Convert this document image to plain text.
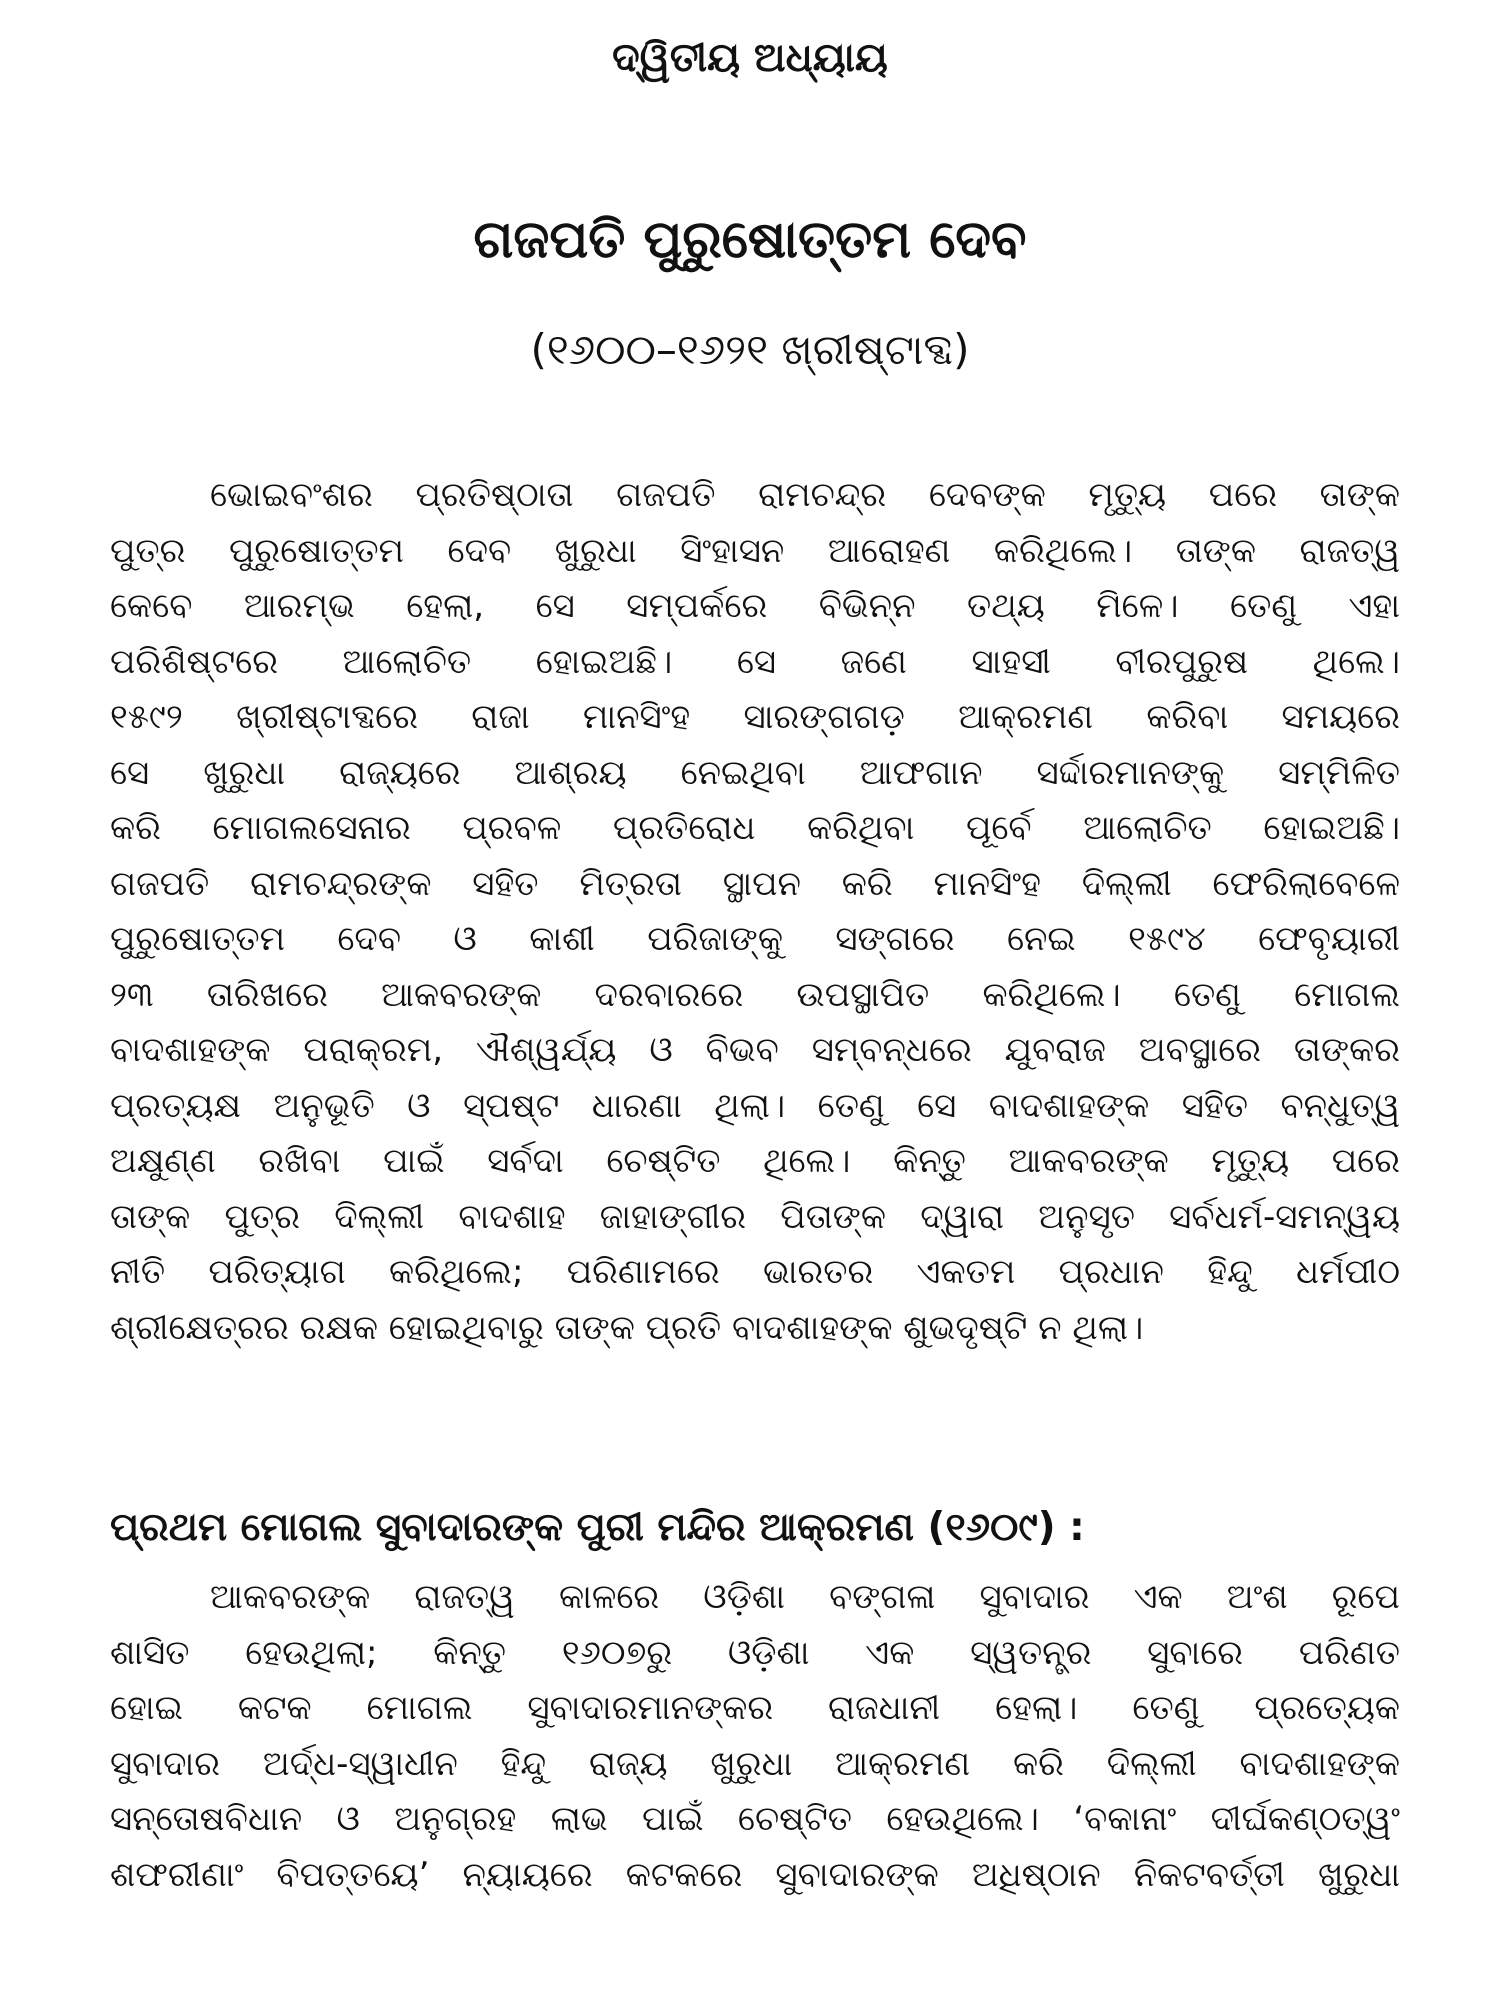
ଦ୍ୱିତୀୟ ଅଧ୍ୟାୟ
ଗଜପତି ପୁରୁଷୋତ୍ତମ ଦେବ
(୧୬୦୦–୧୬୨୧ ଖ୍ରୀଷ୍ଟାବ୍ଦ)
ଭୋଇବଂଶର ପ୍ରତିଷ୍ଠାତା ଗଜପତି ରାମଚନ୍ଦ୍ର ଦେବଙ୍କ ମୃତ୍ୟୁ ପରେ ତାଙ୍କ
ପୁତ୍ର ପୁରୁଷୋତ୍ତମ ଦେବ ଖୁରୁଧା ସିଂହାସନ ଆରୋହଣ କରିଥିଲେ। ତାଙ୍କ ରାଜତ୍ୱ
କେବେ ଆରମ୍ଭ ହେଲା, ସେ ସମ୍ପର୍କରେ ବିଭିନ୍ନ ତଥ୍ୟ ମିଳେ। ତେଣୁ ଏହା
ପରିଶିଷ୍ଟରେ ଆଲୋଚିତ ହୋଇଅଛି। ସେ ଜଣେ ସାହସୀ ବୀରପୁରୁଷ ଥିଲେ।
୧୫୯୨ ଖ୍ରୀଷ୍ଟାବ୍ଦରେ ରାଜା ମାନସିଂହ ସାରଙ୍ଗଗଡ଼ ଆକ୍ରମଣ କରିବା ସମୟରେ
ସେ ଖୁରୁଧା ରାଜ୍ୟରେ ଆଶ୍ରୟ ନେଇଥିବା ଆଫଗାନ ସର୍ଦ୍ଦାରମାନଙ୍କୁ ସମ୍ମିଳିତ
କରି ମୋଗଲସେନାର ପ୍ରବଳ ପ୍ରତିରୋଧ କରିଥିବା ପୂର୍ବେ ଆଲୋଚିତ ହୋଇଅଛି।
ଗଜପତି ରାମଚନ୍ଦ୍ରଙ୍କ ସହିତ ମିତ୍ରତା ସ୍ଥାପନ କରି ମାନସିଂହ ଦିଲ୍ଲୀ ଫେରିଲାବେଳେ
ପୁରୁଷୋତ୍ତମ ଦେବ ଓ କାଶୀ ପରିଜାଙ୍କୁ ସଙ୍ଗରେ ନେଇ ୧୫୯୪ ଫେବୃୟାରୀ
୨୩ ତାରିଖରେ ଆକବରଙ୍କ ଦରବାରରେ ଉପସ୍ଥାପିତ କରିଥିଲେ। ତେଣୁ ମୋଗଲ
ବାଦଶାହଙ୍କ ପରାକ୍ରମ, ଐଶ୍ୱର୍ଯ୍ୟ ଓ ବିଭବ ସମ୍ବନ୍ଧରେ ଯୁବରାଜ ଅବସ୍ଥାରେ ତାଙ୍କର
ପ୍ରତ୍ୟକ୍ଷ ଅନୁଭୂତି ଓ ସ୍ପଷ୍ଟ ଧାରଣା ଥିଲା। ତେଣୁ ସେ ବାଦଶାହଙ୍କ ସହିତ ବନ୍ଧୁତ୍ୱ
ଅକ୍ଷୁଣ୍ଣ ରଖିବା ପାଇଁ ସର୍ବଦା ଚେଷ୍ଟିତ ଥିଲେ। କିନ୍ତୁ ଆକବରଙ୍କ ମୃତ୍ୟୁ ପରେ
ତାଙ୍କ ପୁତ୍ର ଦିଲ୍ଲୀ ବାଦଶାହ ଜାହାଙ୍ଗୀର ପିତାଙ୍କ ଦ୍ୱାରା ଅନୁସୃତ ସର୍ବଧର୍ମ-ସମନ୍ୱୟ
ନୀତି ପରିତ୍ୟାଗ କରିଥିଲେ; ପରିଣାମରେ ଭାରତର ଏକତମ ପ୍ରଧାନ ହିନ୍ଦୁ ଧର୍ମପୀଠ
ଶ୍ରୀକ୍ଷେତ୍ରର ରକ୍ଷକ ହୋଇଥିବାରୁ ତାଙ୍କ ପ୍ରତି ବାଦଶାହଙ୍କ ଶୁଭଦୃଷ୍ଟି ନ ଥିଲା।
ପ୍ରଥମ ମୋଗଲ ସୁବାଦାରଙ୍କ ପୁରୀ ମନ୍ଦିର ଆକ୍ରମଣ (୧୬୦୯) :
ଆକବରଙ୍କ ରାଜତ୍ୱ କାଳରେ ଓଡ଼ିଶା ବଙ୍ଗଳା ସୁବାଦାର ଏକ ଅଂଶ ରୂପେ
ଶାସିତ ହେଉଥିଲା; କିନ୍ତୁ ୧୬୦୭ରୁ ଓଡ଼ିଶା ଏକ ସ୍ୱତନ୍ତ୍ର ସୁବାରେ ପରିଣତ
ହୋଇ କଟକ ମୋଗଲ ସୁବାଦାରମାନଙ୍କର ରାଜଧାନୀ ହେଲା। ତେଣୁ ପ୍ରତ୍ୟେକ
ସୁବାଦାର ଅର୍ଦ୍ଧ-ସ୍ୱାଧୀନ ହିନ୍ଦୁ ରାଜ୍ୟ ଖୁରୁଧା ଆକ୍ରମଣ କରି ଦିଲ୍ଲୀ ବାଦଶାହଙ୍କ
ସନ୍ତୋଷବିଧାନ ଓ ଅନୁଗ୍ରହ ଲାଭ ପାଇଁ ଚେଷ୍ଟିତ ହେଉଥିଲେ। ‘ବକାନାଂ ଦୀର୍ଘକଣ୍ଠତ୍ୱଂ
ଶଫରୀଣାଂ ବିପତ୍ତୟେ’ ନ୍ୟାୟରେ କଟକରେ ସୁବାଦାରଙ୍କ ଅଧିଷ୍ଠାନ ନିକଟବର୍ତ୍ତୀ ଖୁରୁଧା
